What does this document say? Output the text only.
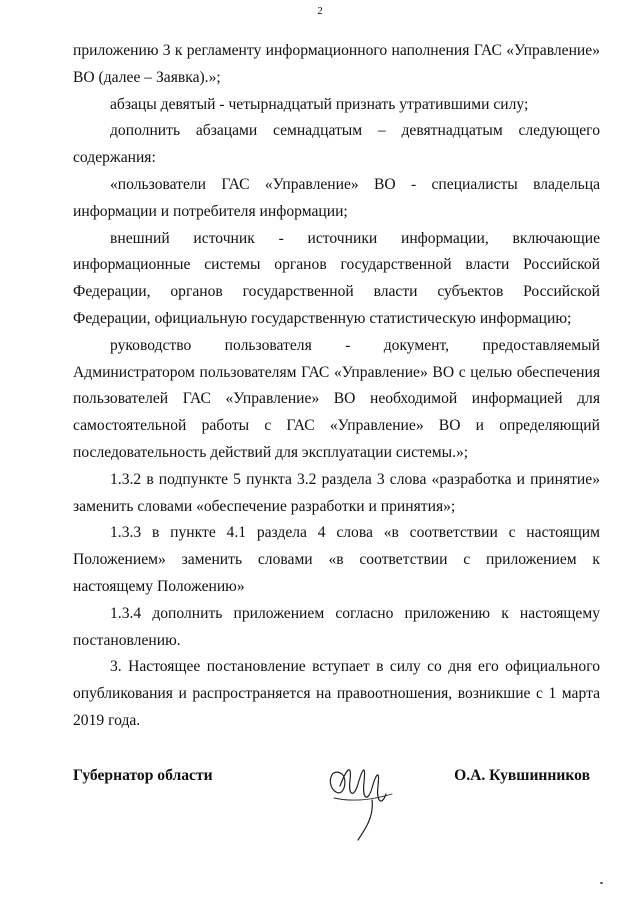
2

приложению 3 к регламенту информационного наполнения ГАС «Управление» ВО (далее – Заявка).»;

абзацы девятый - четырнадцатый признать утратившими силу;

дополнить абзацами семнадцатым – девятнадцатым следующего содержания:

«пользователи ГАС «Управление» ВО - специалисты владельца информации и потребителя информации;

внешний источник - источники информации, включающие информационные системы органов государственной власти Российской Федерации, органов государственной власти субъектов Российской Федерации, официальную государственную статистическую информацию;

руководство пользователя - документ, предоставляемый Администратором пользователям ГАС «Управление» ВО с целью обеспечения пользователей ГАС «Управление» ВО необходимой информацией для самостоятельной работы с ГАС «Управление» ВО и определяющий последовательность действий для эксплуатации системы.»;

1.3.2 в подпункте 5 пункта 3.2 раздела 3 слова «разработка и принятие» заменить словами «обеспечение разработки и принятия»;

1.3.3 в пункте 4.1 раздела 4 слова «в соответствии с настоящим Положением» заменить словами «в соответствии с приложением к настоящему Положению»

1.3.4 дополнить приложением согласно приложению к настоящему постановлению.

3. Настоящее постановление вступает в силу со дня его официального опубликования и распространяется на правоотношения, возникшие с 1 марта 2019 года.

Губернатор области	О.А. Кувшинников
